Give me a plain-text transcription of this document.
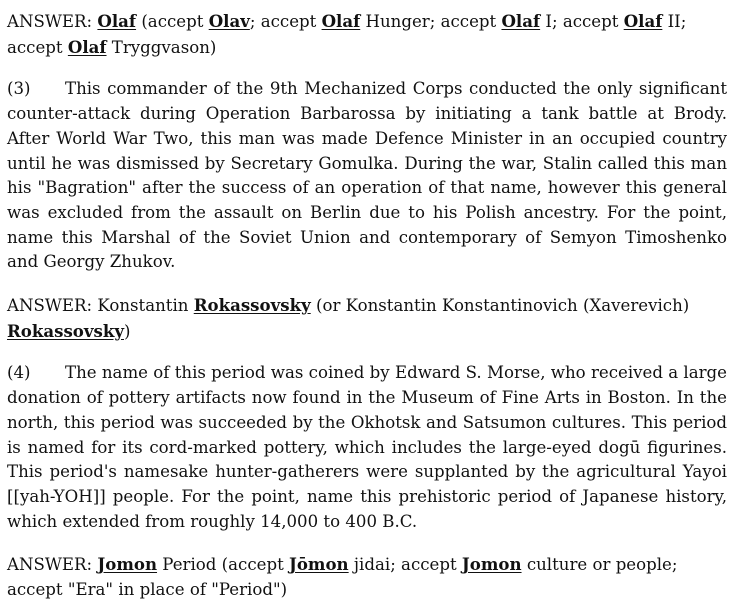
ANSWER: Olaf (accept Olav; accept Olaf Hunger; accept Olaf I; accept Olaf II; accept Olaf Tryggvason)

(3) This commander of the 9th Mechanized Corps conducted the only significant counter-attack during Operation Barbarossa by initiating a tank battle at Brody. After World War Two, this man was made Defence Minister in an occupied country until he was dismissed by Secretary Gomulka. During the war, Stalin called this man his "Bagration" after the success of an operation of that name, however this general was excluded from the assault on Berlin due to his Polish ancestry. For the point, name this Marshal of the Soviet Union and contemporary of Semyon Timoshenko and Georgy Zhukov.

ANSWER: Konstantin Rokassovsky (or Konstantin Konstantinovich (Xaverevich) Rokassovsky)

(4) The name of this period was coined by Edward S. Morse, who received a large donation of pottery artifacts now found in the Museum of Fine Arts in Boston. In the north, this period was succeeded by the Okhotsk and Satsumon cultures. This period is named for its cord-marked pottery, which includes the large-eyed dogū figurines. This period's namesake hunter-gatherers were supplanted by the agricultural Yayoi [[yah-YOH]] people. For the point, name this prehistoric period of Japanese history, which extended from roughly 14,000 to 400 B.C.

ANSWER: Jomon Period (accept Jōmon jidai; accept Jomon culture or people; accept "Era" in place of "Period")
